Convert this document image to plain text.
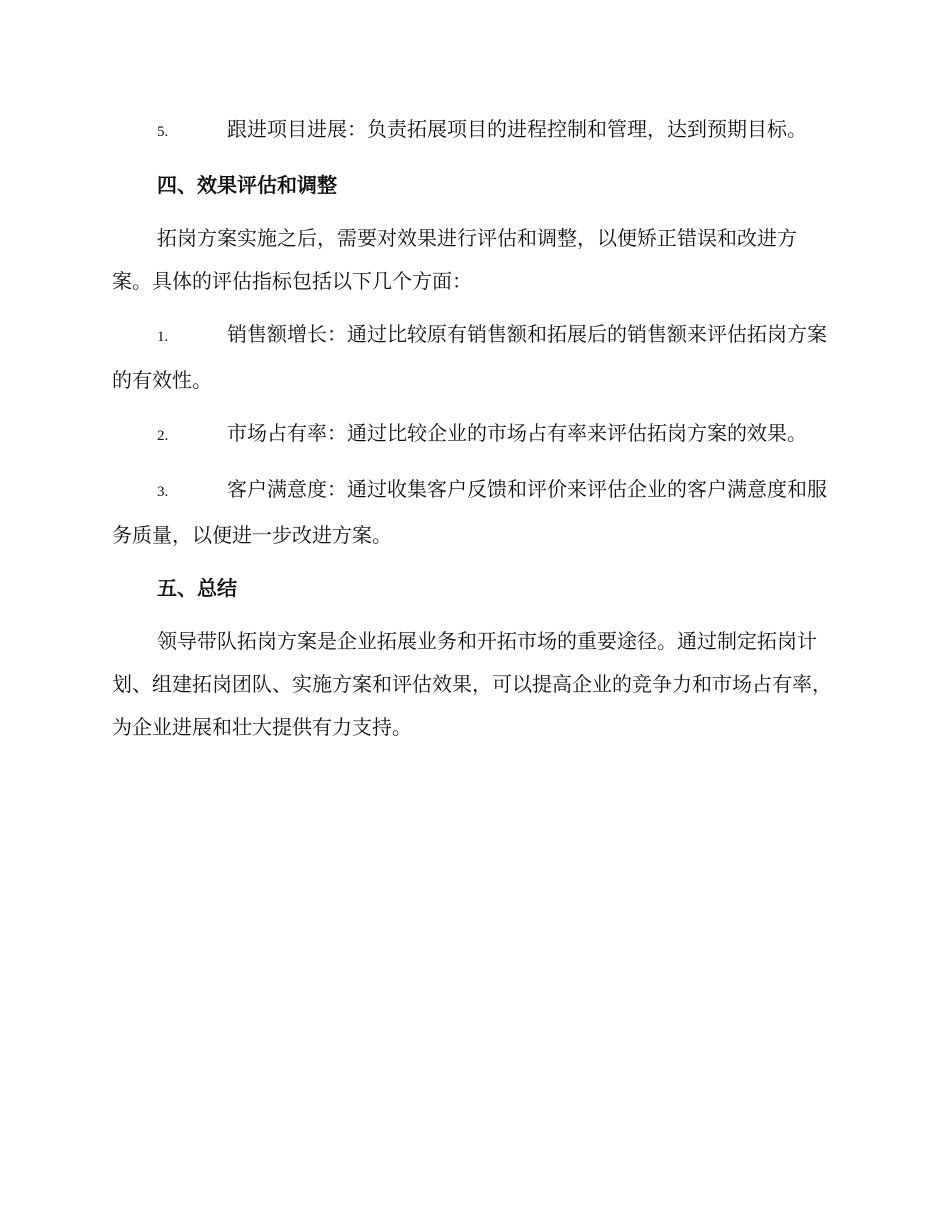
5.	跟进项目进展：负责拓展项目的进程控制和管理，达到预期目标。

四、效果评估和调整

拓岗方案实施之后，需要对效果进行评估和调整，以便矫正错误和改进方案。具体的评估指标包括以下几个方面：

1.	销售额增长：通过比较原有销售额和拓展后的销售额来评估拓岗方案的有效性。

2.	市场占有率：通过比较企业的市场占有率来评估拓岗方案的效果。

3.	客户满意度：通过收集客户反馈和评价来评估企业的客户满意度和服务质量，以便进一步改进方案。

五、总结

领导带队拓岗方案是企业拓展业务和开拓市场的重要途径。通过制定拓岗计划、组建拓岗团队、实施方案和评估效果，可以提高企业的竞争力和市场占有率，为企业进展和壮大提供有力支持。
